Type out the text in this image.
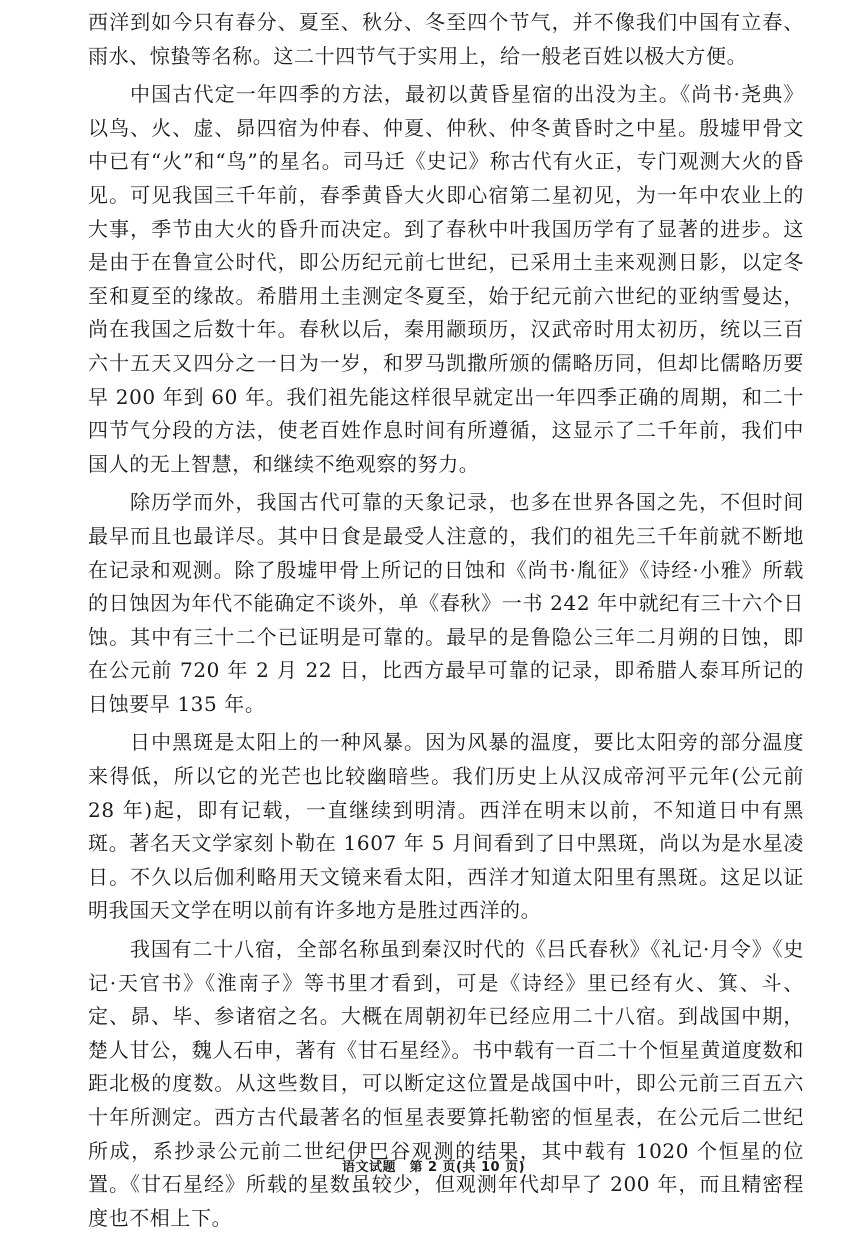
西洋到如今只有春分、夏至、秋分、冬至四个节气，并不像我们中国有立春、雨水、惊蛰等名称。这二十四节气于实用上，给一般老百姓以极大方便。

中国古代定一年四季的方法，最初以黄昏星宿的出没为主。《尚书·尧典》以鸟、火、虚、昴四宿为仲春、仲夏、仲秋、仲冬黄昏时之中星。殷墟甲骨文中已有“火”和“鸟”的星名。司马迁《史记》称古代有火正，专门观测大火的昏见。可见我国三千年前，春季黄昏大火即心宿第二星初见，为一年中农业上的大事，季节由大火的昏升而决定。到了春秋中叶我国历学有了显著的进步。这是由于在鲁宣公时代，即公历纪元前七世纪，已采用土圭来观测日影，以定冬至和夏至的缘故。希腊用土圭测定冬夏至，始于纪元前六世纪的亚纳雪曼达，尚在我国之后数十年。春秋以后，秦用颛顼历，汉武帝时用太初历，统以三百六十五天又四分之一日为一岁，和罗马凯撒所颁的儒略历同，但却比儒略历要早 200 年到 60 年。我们祖先能这样很早就定出一年四季正确的周期，和二十四节气分段的方法，使老百姓作息时间有所遵循，这显示了二千年前，我们中国人的无上智慧，和继续不绝观察的努力。

除历学而外，我国古代可靠的天象记录，也多在世界各国之先，不但时间最早而且也最详尽。其中日食是最受人注意的，我们的祖先三千年前就不断地在记录和观测。除了殷墟甲骨上所记的日蚀和《尚书·胤征》《诗经·小雅》所载的日蚀因为年代不能确定不谈外，单《春秋》一书 242 年中就纪有三十六个日蚀。其中有三十二个已证明是可靠的。最早的是鲁隐公三年二月朔的日蚀，即在公元前 720 年 2 月 22 日，比西方最早可靠的记录，即希腊人泰耳所记的日蚀要早 135 年。

日中黑斑是太阳上的一种风暴。因为风暴的温度，要比太阳旁的部分温度来得低，所以它的光芒也比较幽暗些。我们历史上从汉成帝河平元年(公元前 28 年)起，即有记载，一直继续到明清。西洋在明末以前，不知道日中有黑斑。著名天文学家刻卜勒在 1607 年 5 月间看到了日中黑斑，尚以为是水星凌日。不久以后伽利略用天文镜来看太阳，西洋才知道太阳里有黑斑。这足以证明我国天文学在明以前有许多地方是胜过西洋的。

我国有二十八宿，全部名称虽到秦汉时代的《吕氏春秋》《礼记·月令》《史记·天官书》《淮南子》等书里才看到，可是《诗经》里已经有火、箕、斗、定、昴、毕、参诸宿之名。大概在周朝初年已经应用二十八宿。到战国中期，楚人甘公，魏人石申，著有《甘石星经》。书中载有一百二十个恒星黄道度数和距北极的度数。从这些数目，可以断定这位置是战国中叶，即公元前三百五六十年所测定。西方古代最著名的恒星表要算托勒密的恒星表，在公元后二世纪所成，系抄录公元前二世纪伊巴谷观测的结果，其中载有 1020 个恒星的位置。《甘石星经》所载的星数虽较少，但观测年代却早了 200 年，而且精密程度也不相上下。

语文试题　第 2 页(共 10 页)
